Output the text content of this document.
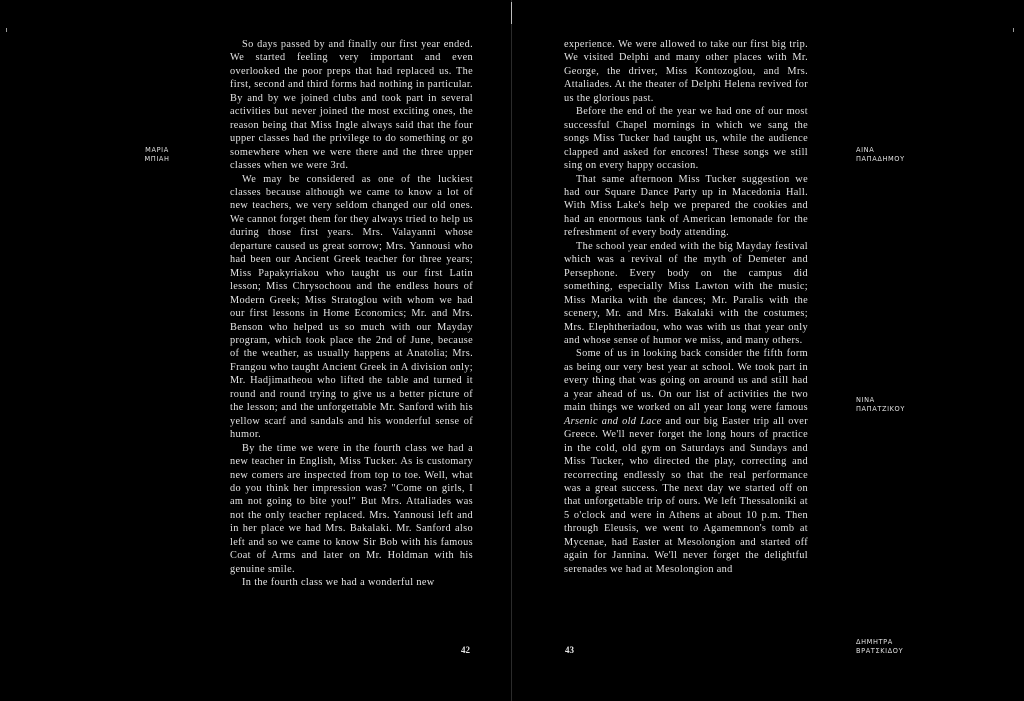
ΜΑΡΙΑ
ΜΠΙΑΗ

So days passed by and finally our first year ended. We started feeling very important and even overlooked the poor preps that had replaced us. The first, second and third forms had nothing in particular. By and by we joined clubs and took part in several activities but never joined the most exciting ones, the reason being that Miss Ingle always said that the four upper classes had the privilege to do something or go somewhere when we were there and the three upper classes when we were 3rd.

We may be considered as one of the luckiest classes because although we came to know a lot of new teachers, we very seldom changed our old ones. We cannot forget them for they always tried to help us during those first years. Mrs. Valayanni whose departure caused us great sorrow; Mrs. Yannousi who had been our Ancient Greek teacher for three years; Miss Papakyriakou who taught us our first Latin lesson; Miss Chrysochoou and the endless hours of Modern Greek; Miss Stratoglou with whom we had our first lessons in Home Economics; Mr. and Mrs. Benson who helped us so much with our Mayday program, which took place the 2nd of June, because of the weather, as usually happens at Anatolia; Mrs. Frangou who taught Ancient Greek in A division only; Mr. Hadjimatheou who lifted the table and turned it round and round trying to give us a better picture of the lesson; and the unforgettable Mr. Sanford with his yellow scarf and sandals and his wonderful sense of humor.

By the time we were in the fourth class we had a new teacher in English, Miss Tucker. As is customary new comers are inspected from top to toe. Well, what do you think her impression was? "Come on girls, I am not going to bite you!" But Mrs. Attaliades was not the only teacher replaced. Mrs. Yannousi left and in her place we had Mrs. Bakalaki. Mr. Sanford also left and so we came to know Sir Bob with his famous Coat of Arms and later on Mr. Holdman with his genuine smile.

In the fourth class we had a wonderful new

42

experience. We were allowed to take our first big trip. We visited Delphi and many other places with Mr. George, the driver, Miss Kontozoglou, and Mrs. Attaliades. At the theater of Delphi Helena revived for us the glorious past.

Before the end of the year we had one of our most successful Chapel mornings in which we sang the songs Miss Tucker had taught us, while the audience clapped and asked for encores! These songs we still sing on every happy occasion.

That same afternoon Miss Tucker suggestion we had our Square Dance Party up in Macedonia Hall. With Miss Lake's help we prepared the cookies and had an enormous tank of American lemonade for the refreshment of every body attending.

The school year ended with the big Mayday festival which was a revival of the myth of Demeter and Persephone. Every body on the campus did something, especially Miss Lawton with the music; Miss Marika with the dances; Mr. Paralis with the scenery, Mr. and Mrs. Bakalaki with the costumes; Mrs. Elephtheriadou, who was with us that year only and whose sense of humor we miss, and many others.

Some of us in looking back consider the fifth form as being our very best year at school. We took part in every thing that was going on around us and still had a year ahead of us. On our list of activities the two main things we worked on all year long were famous Arsenic and old Lace and our big Easter trip all over Greece. We'll never forget the long hours of practice in the cold, old gym on Saturdays and Sundays and Miss Tucker, who directed the play, correcting and recorrecting endlessly so that the real performance was a great success. The next day we started off on that unforgettable trip of ours. We left Thessaloniki at 5 o'clock and were in Athens at about 10 p.m. Then through Eleusis, we went to Agamemnon's tomb at Mycenae, had Easter at Mesolongion and started off again for Jannina. We'll never forget the delightful serenades we had at Mesolongion and

43
ΑΙΝΑ
ΠΑΠΑΔΗΜΟΥ
ΝΙΝΑ
ΠΑΠΑΤΖΙΚΟΥ
ΔΗΜΗΤΡΑ
ΒΡΑΤΣΚΙΔΟΥ
